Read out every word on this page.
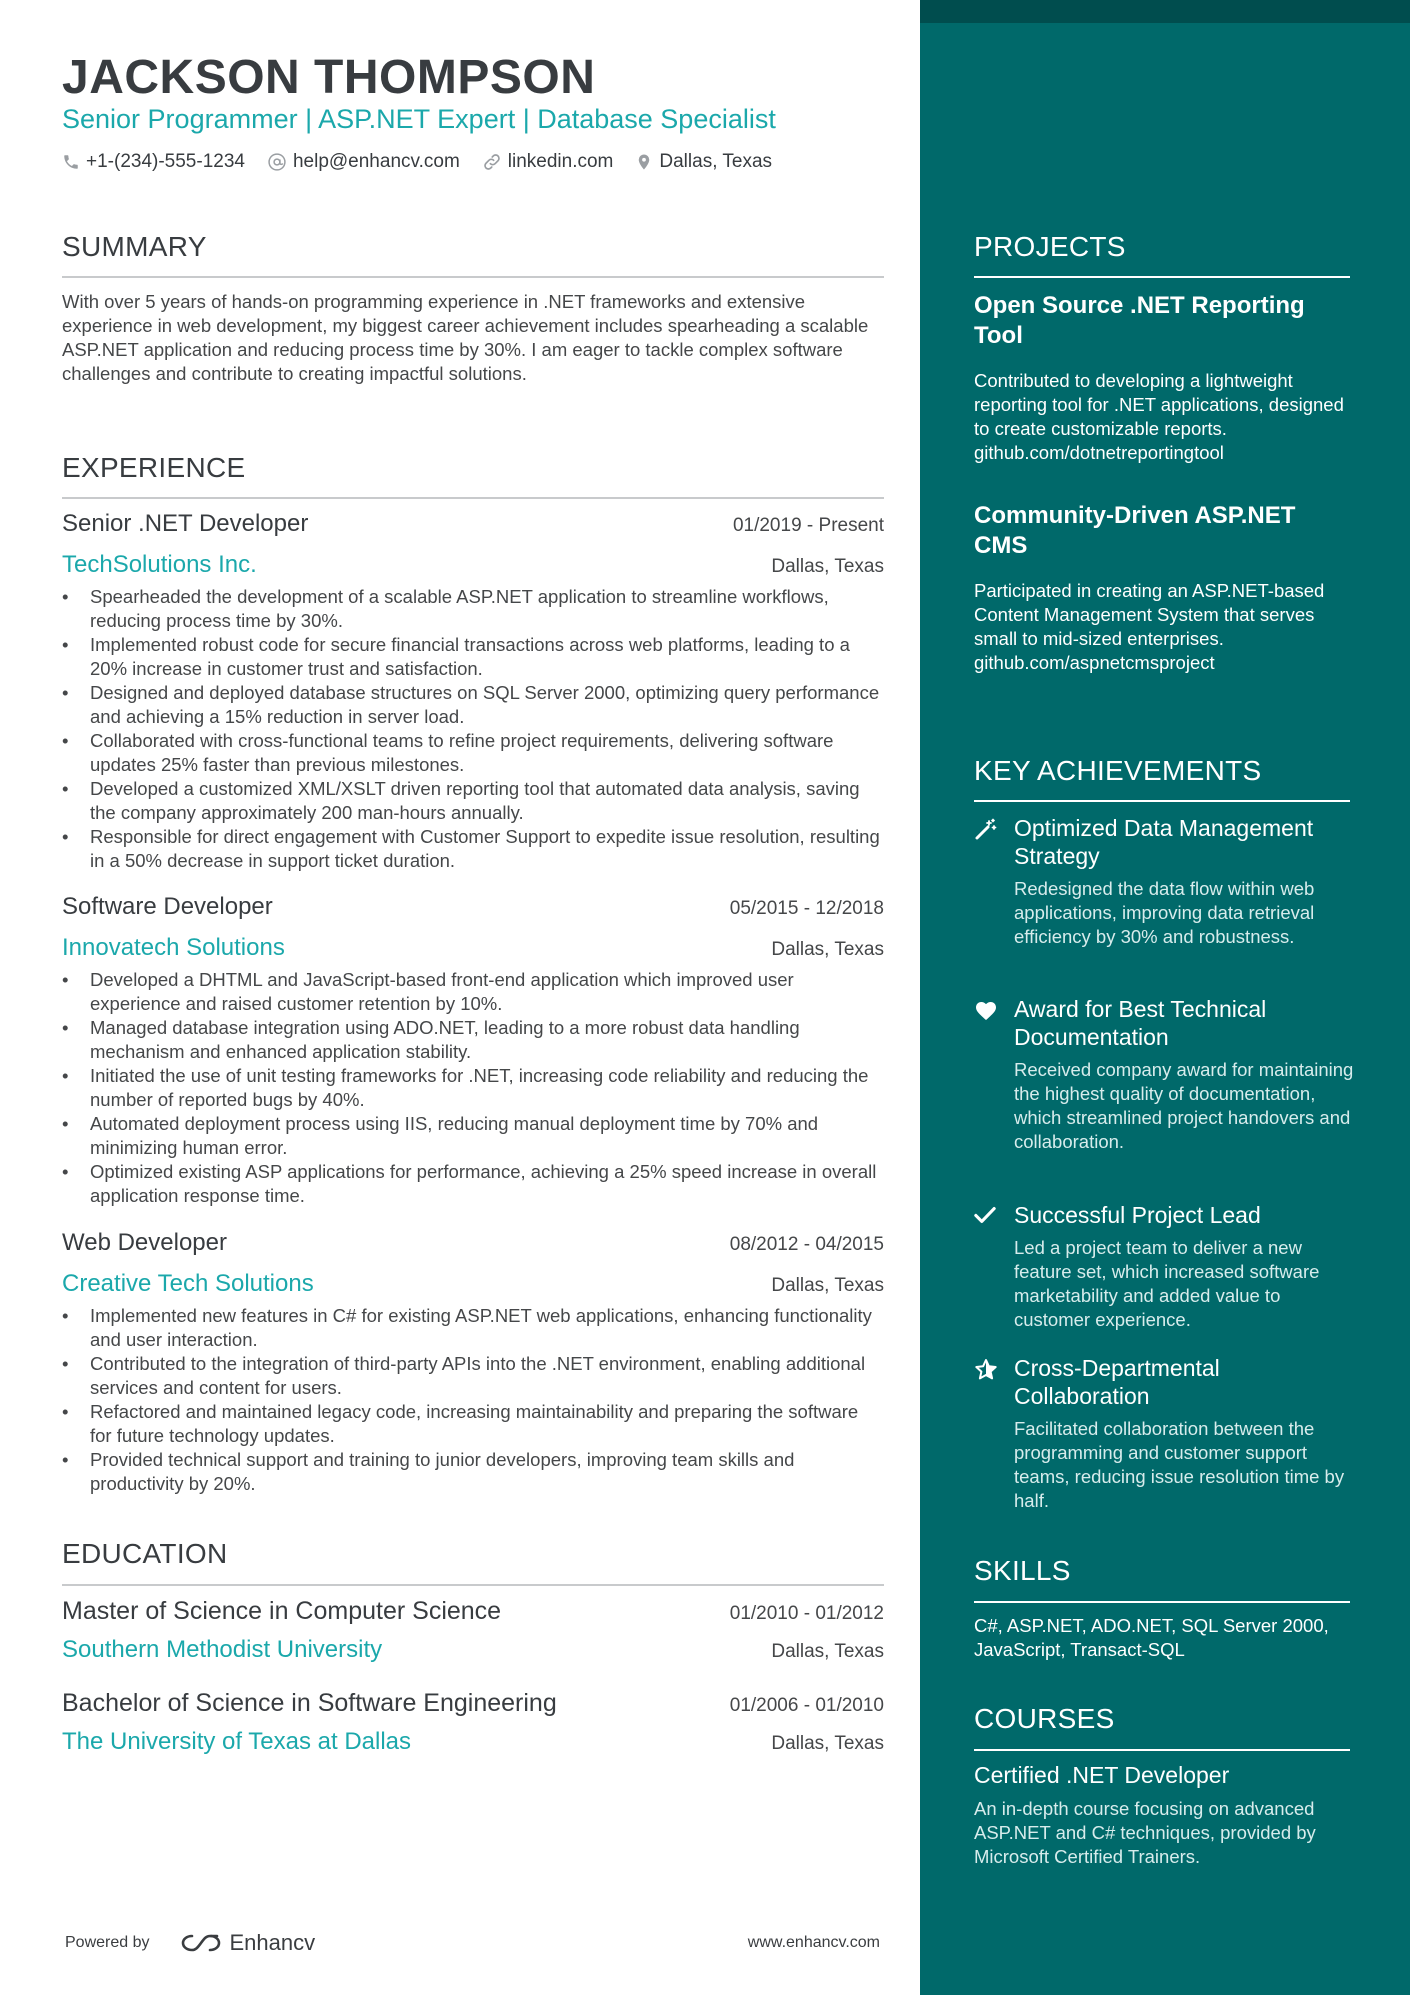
JACKSON THOMPSON
Senior Programmer | ASP.NET Expert | Database Specialist
+1-(234)-555-1234	help@enhancv.com	linkedin.com Dallas, Texas
SUMMARY
With over 5 years of hands-on programming experience in .NET frameworks and extensive experience in web development, my biggest career achievement includes spearheading a scalable ASP.NET application and reducing process time by 30%. I am eager to tackle complex software challenges and contribute to creating impactful solutions.
EXPERIENCE
Senior .NET Developer	01/2019 - Present
TechSolutions Inc.	Dallas, Texas
• Spearheaded the development of a scalable ASP.NET application to streamline workflows, reducing process time by 30%.
• Implemented robust code for secure financial transactions across web platforms, leading to a 20% increase in customer trust and satisfaction.
• Designed and deployed database structures on SQL Server 2000, optimizing query performance and achieving a 15% reduction in server load.
• Collaborated with cross-functional teams to refine project requirements, delivering software updates 25% faster than previous milestones.
• Developed a customized XML/XSLT driven reporting tool that automated data analysis, saving the company approximately 200 man-hours annually.
• Responsible for direct engagement with Customer Support to expedite issue resolution, resulting in a 50% decrease in support ticket duration.
Software Developer	05/2015 - 12/2018
Innovatech Solutions	Dallas, Texas
• Developed a DHTML and JavaScript-based front-end application which improved user experience and raised customer retention by 10%.
• Managed database integration using ADO.NET, leading to a more robust data handling mechanism and enhanced application stability.
• Initiated the use of unit testing frameworks for .NET, increasing code reliability and reducing the number of reported bugs by 40%.
• Automated deployment process using IIS, reducing manual deployment time by 70% and minimizing human error.
• Optimized existing ASP applications for performance, achieving a 25% speed increase in overall application response time.
Web Developer	08/2012 - 04/2015
Creative Tech Solutions	Dallas, Texas
• Implemented new features in C# for existing ASP.NET web applications, enhancing functionality and user interaction.
• Contributed to the integration of third-party APIs into the .NET environment, enabling additional services and content for users.
• Refactored and maintained legacy code, increasing maintainability and preparing the software for future technology updates.
• Provided technical support and training to junior developers, improving team skills and productivity by 20%.
EDUCATION
Master of Science in Computer Science	01/2010 - 01/2012
Southern Methodist University	Dallas, Texas
Bachelor of Science in Software Engineering	01/2006 - 01/2010
The University of Texas at Dallas	Dallas, Texas
Powered by	Enhancv	www.enhancv.com
PROJECTS
Open Source .NET Reporting Tool
Contributed to developing a lightweight reporting tool for .NET applications, designed to create customizable reports. github.com/dotnetreportingtool
Community-Driven ASP.NET CMS
Participated in creating an ASP.NET-based Content Management System that serves small to mid-sized enterprises. github.com/aspnetcmsproject
KEY ACHIEVEMENTS
Optimized Data Management Strategy
Redesigned the data flow within web applications, improving data retrieval efficiency by 30% and robustness.
Award for Best Technical Documentation
Received company award for maintaining the highest quality of documentation, which streamlined project handovers and collaboration.
Successful Project Lead
Led a project team to deliver a new feature set, which increased software marketability and added value to customer experience.
Cross-Departmental Collaboration
Facilitated collaboration between the programming and customer support teams, reducing issue resolution time by half.
SKILLS
C#, ASP.NET, ADO.NET, SQL Server 2000, JavaScript, Transact-SQL
COURSES
Certified .NET Developer
An in-depth course focusing on advanced ASP.NET and C# techniques, provided by Microsoft Certified Trainers.
